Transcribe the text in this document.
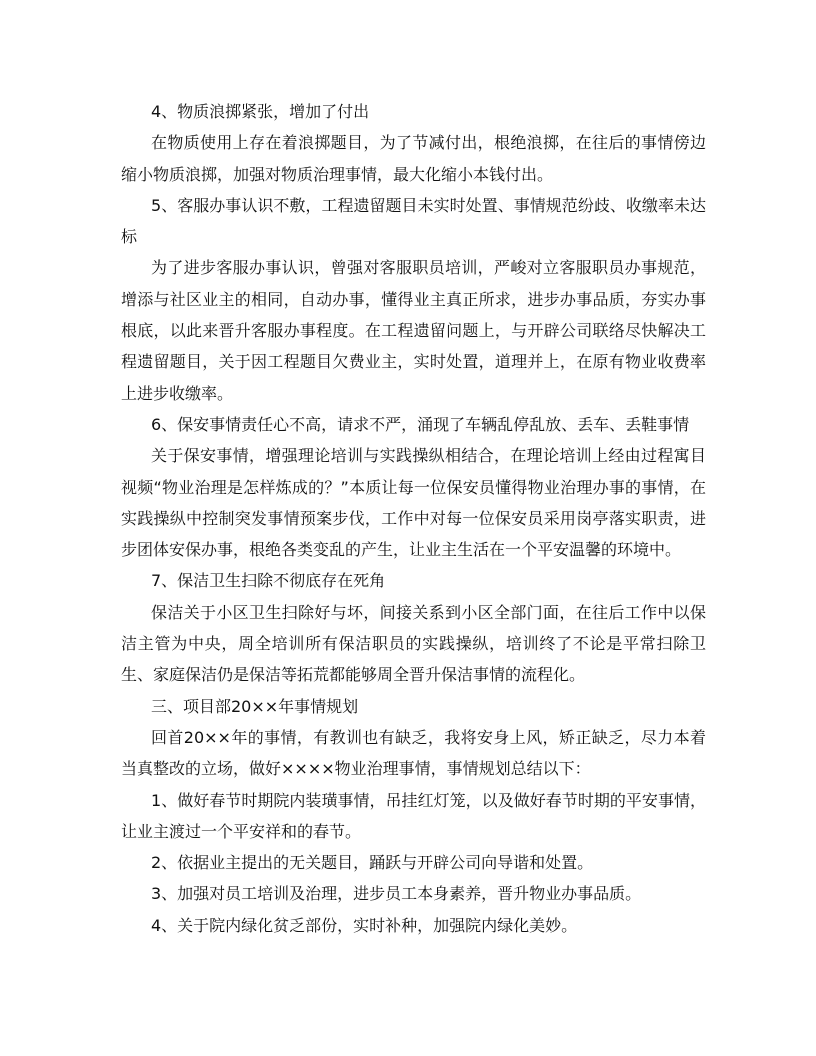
4、物质浪掷紧张，增加了付出

在物质使用上存在着浪掷题目，为了节减付出，根绝浪掷，在往后的事情傍边缩小物质浪掷，加强对物质治理事情，最大化缩小本钱付出。

5、客服办事认识不敷，工程遗留题目未实时处置、事情规范纷歧、收缴率未达标

为了进步客服办事认识，曾强对客服职员培训，严峻对立客服职员办事规范，增添与社区业主的相同，自动办事，懂得业主真正所求，进步办事品质，夯实办事根底，以此来晋升客服办事程度。在工程遗留问题上，与开辟公司联络尽快解决工程遗留题目，关于因工程题目欠费业主，实时处置，道理并上，在原有物业收费率上进步收缴率。

6、保安事情责任心不高，请求不严，涌现了车辆乱停乱放、丢车、丢鞋事情

关于保安事情，增强理论培训与实践操纵相结合，在理论培训上经由过程寓目视频“物业治理是怎样炼成的？”本质让每一位保安员懂得物业治理办事的事情，在实践操纵中控制突发事情预案步伐，工作中对每一位保安员采用岗亭落实职责，进步团体安保办事，根绝各类变乱的产生，让业主生活在一个平安温馨的环境中。

7、保洁卫生扫除不彻底存在死角

保洁关于小区卫生扫除好与坏，间接关系到小区全部门面，在往后工作中以保洁主管为中央，周全培训所有保洁职员的实践操纵，培训终了不论是平常扫除卫生、家庭保洁仍是保洁等拓荒都能够周全晋升保洁事情的流程化。

三、项目部20××年事情规划

回首20××年的事情，有教训也有缺乏，我将安身上风，矫正缺乏，尽力本着当真整改的立场，做好××××物业治理事情，事情规划总结以下：

1、做好春节时期院内装璜事情，吊挂红灯笼，以及做好春节时期的平安事情，让业主渡过一个平安祥和的春节。

2、依据业主提出的无关题目，踊跃与开辟公司向导谐和处置。

3、加强对员工培训及治理，进步员工本身素养，晋升物业办事品质。

4、关于院内绿化贫乏部份，实时补种，加强院内绿化美妙。
